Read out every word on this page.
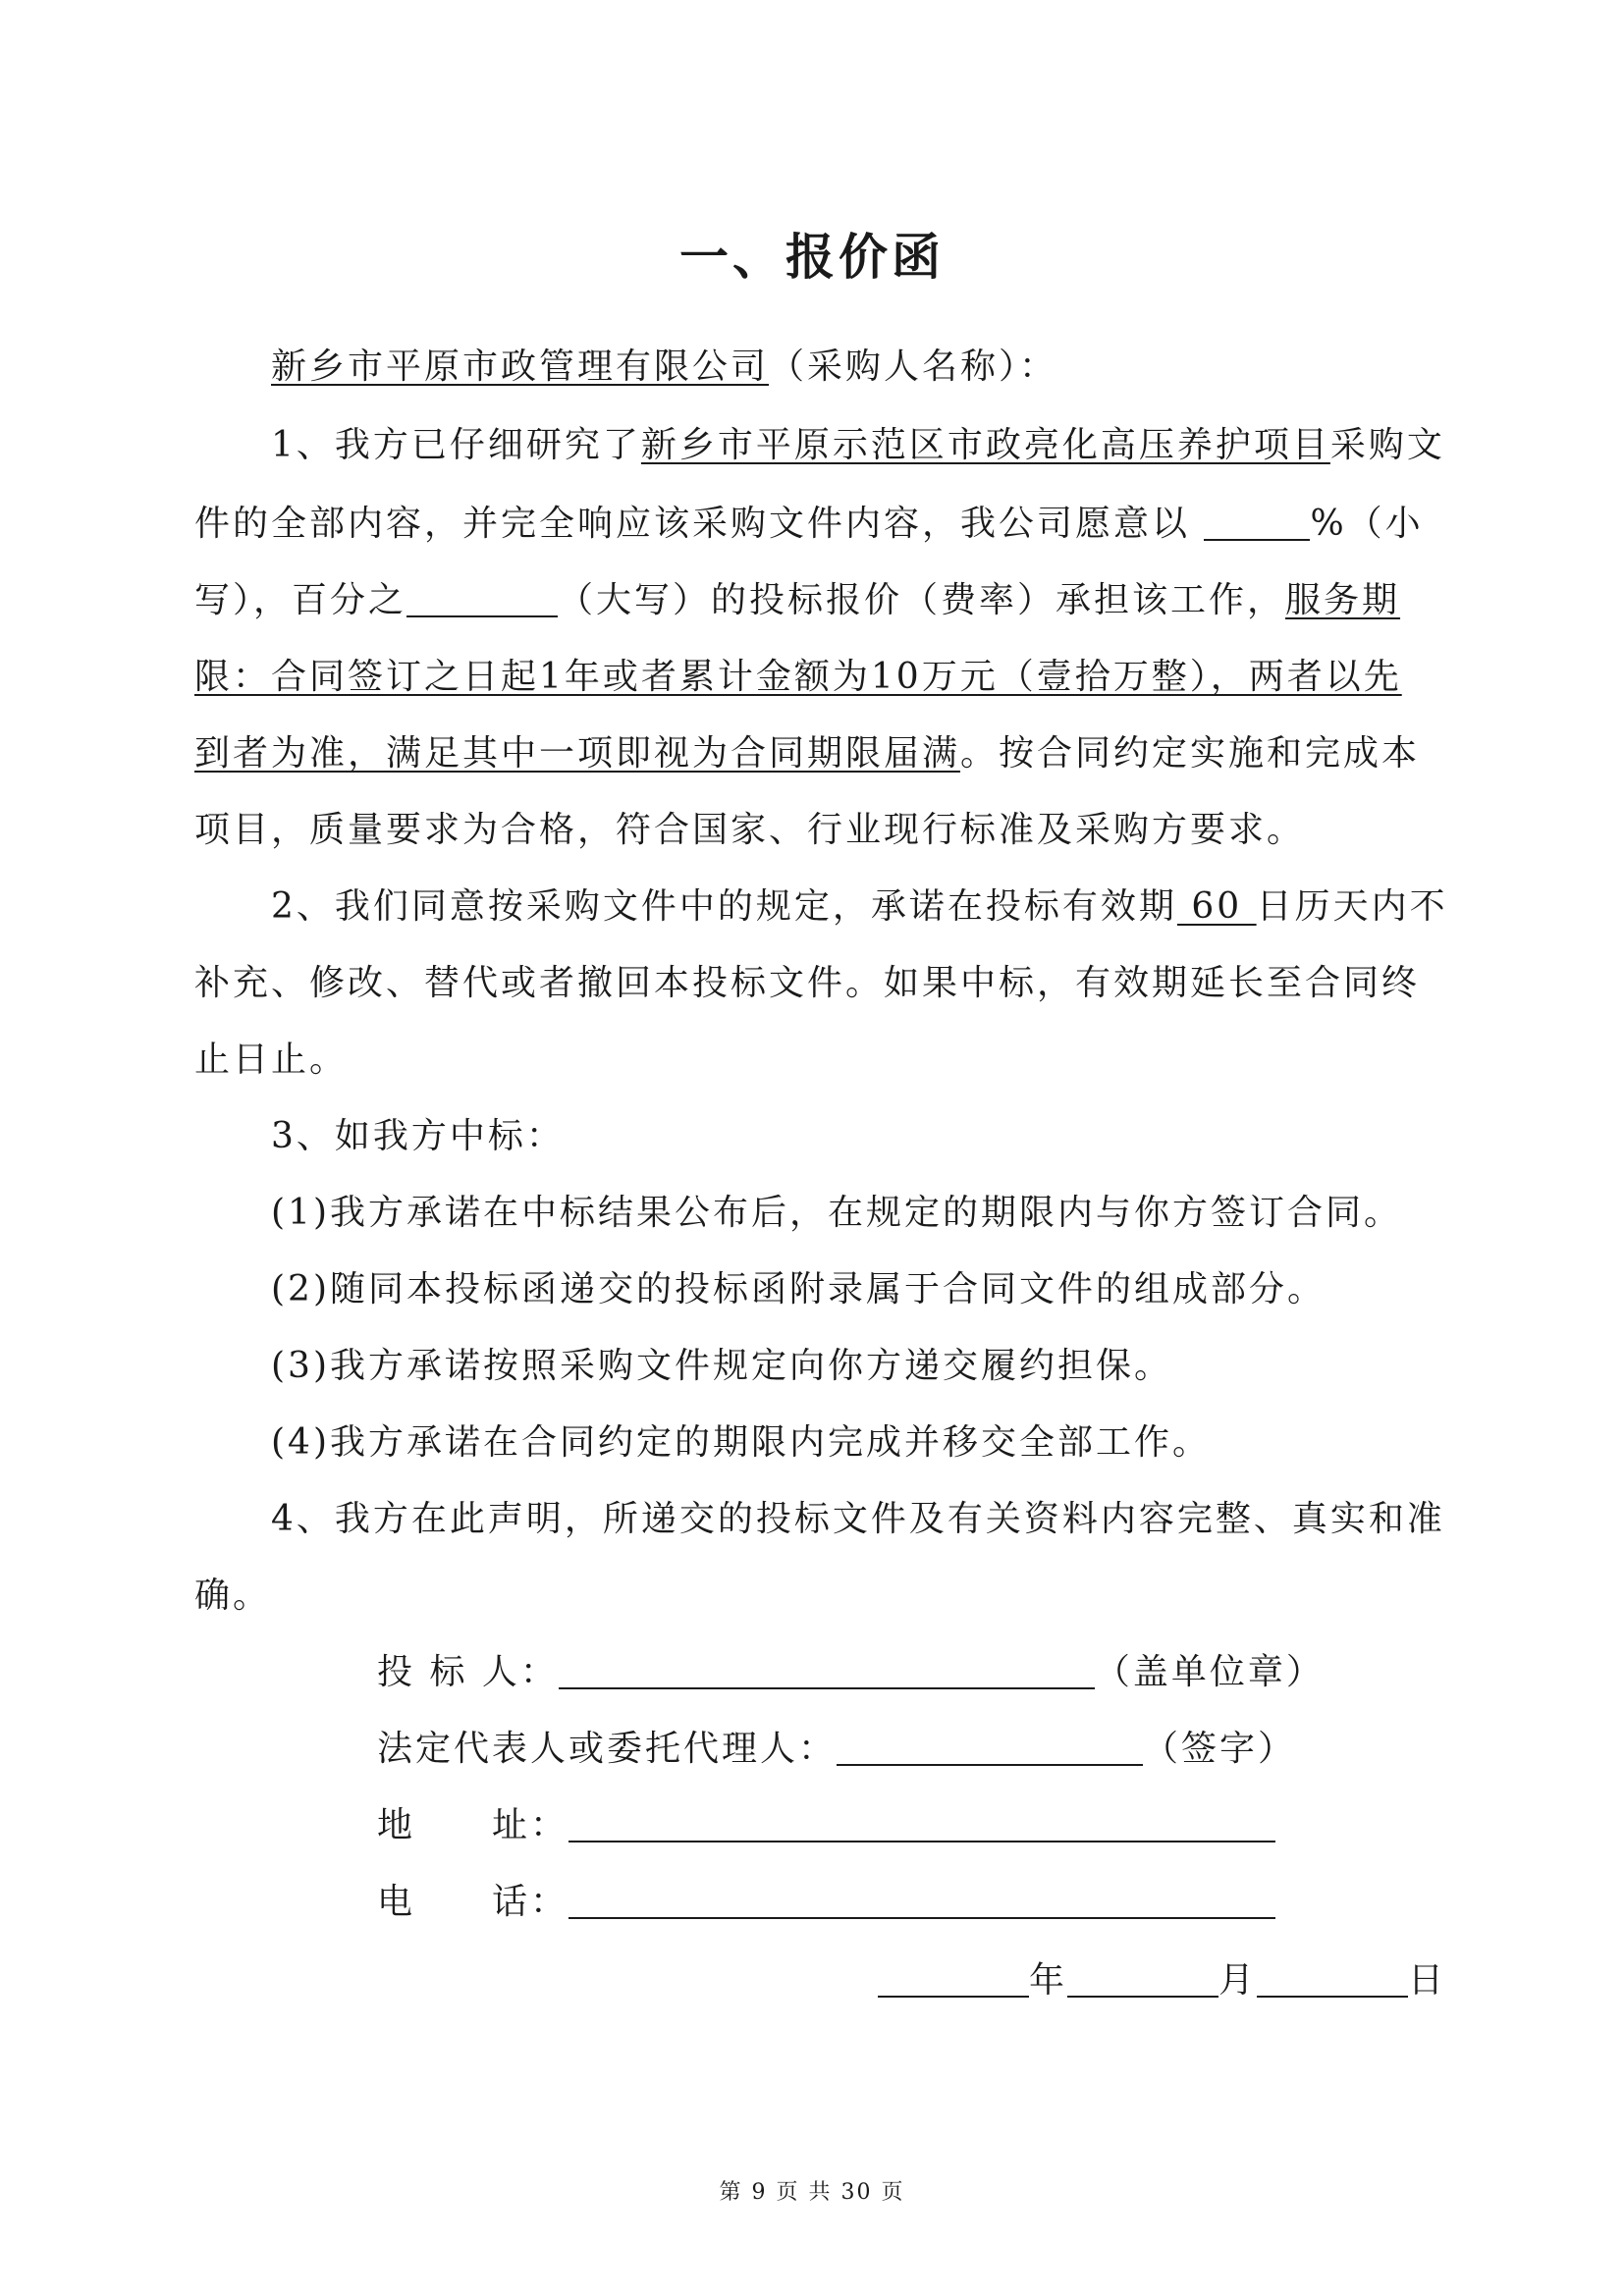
一、报价函
新乡市平原市政管理有限公司（采购人名称）：
1、我方已仔细研究了新乡市平原示范区市政亮化高压养护项目采购文
件的全部内容，并完全响应该采购文件内容，我公司愿意以	%（小
写），百分之	（大写）的投标报价（费率）承担该工作，服务期
限：合同签订之日起1年或者累计金额为10万元（壹拾万整），两者以先
到者为准，满足其中一项即视为合同期限届满。按合同约定实施和完成本
项目，质量要求为合格，符合国家、行业现行标准及采购方要求。
2、我们同意按采购文件中的规定，承诺在投标有效期 60 日历天内不
补充、修改、替代或者撤回本投标文件。如果中标，有效期延长至合同终
止日止。
3、如我方中标：
(1)我方承诺在中标结果公布后，在规定的期限内与你方签订合同。
(2)随同本投标函递交的投标函附录属于合同文件的组成部分。
(3)我方承诺按照采购文件规定向你方递交履约担保。
(4)我方承诺在合同约定的期限内完成并移交全部工作。
4、我方在此声明，所递交的投标文件及有关资料内容完整、真实和准
确。
投 标 人：	（盖单位章）
法定代表人或委托代理人：	（签字）
地　　址：
电　　话：
年	月	日
第 9 页 共 30 页
